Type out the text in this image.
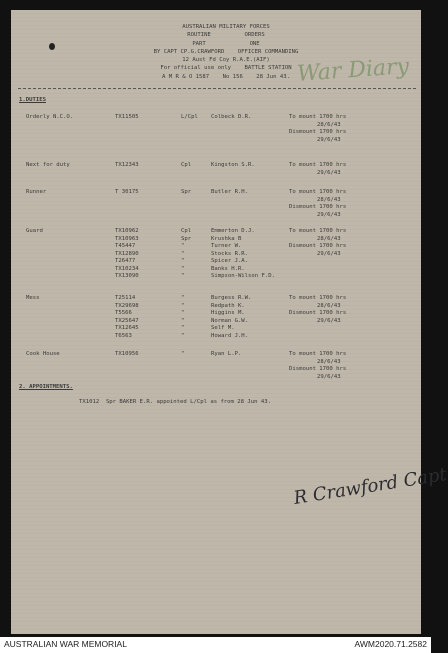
AUSTRALIAN MILITARY FORCES
ROUTINE          ORDERS
PART             ONE
BY CAPT CP.G.CRAWFORD    OFFICER COMMANDING
12 Aust Fd Coy R.A.E.(AIF)
For official use only    BATTLE STATION
A M R & O 1587    No 156    28 Jun 43. War Diary
1.DUTIES
Orderly N.C.O.	TX11505	L/Cpl Colbeck D.R.	To mount 1700 hrs
28/6/43
Dismount 1700 hrs
29/6/43
Next for duty	TX12343	Cpl	Kingston S.R.	To mount 1700 hrs
29/6/43
Runner	T 30175	Spr	Butler R.H.	To mount 1700 hrs
28/6/43
Dismount 1700 hrs
29/6/43
Guard	TX10962	Cpl	Emmerton D.J.
TX10963	Spr	Krushka B
T45447	"	Turner W.
TX12890	"	Stocks R.R.
T26477	"	Spicer J.A.
TX10234	"	Banks H.R.
TX13090	"	Simpson-Wilson F.D.
To mount 1700 hrs
28/6/43
Dismount 1700 hrs
29/6/43
Mess	T25114	"	Burgess R.W.
TX29698	"	Redpath K.
T5566	"	Higgins M.
TX25647	"	Norman G.W.
TX12645	"	Self M.
T6563	"	Howard J.H.
To mount 1700 hrs
28/6/43
Dismount 1700 hrs
29/6/43
Cook House	TX10956	"	Ryan L.P.	To mount 1700 hrs
28/6/43
Dismount 1700 hrs
29/6/43
2. APPOINTMENTS.
TX1012  Spr BAKER E.R. appointed L/Cpl as from 28 Jun 43.
R Crawford Capt
AUSTRALIAN WAR MEMORIAL	AWM2020.71.2582
